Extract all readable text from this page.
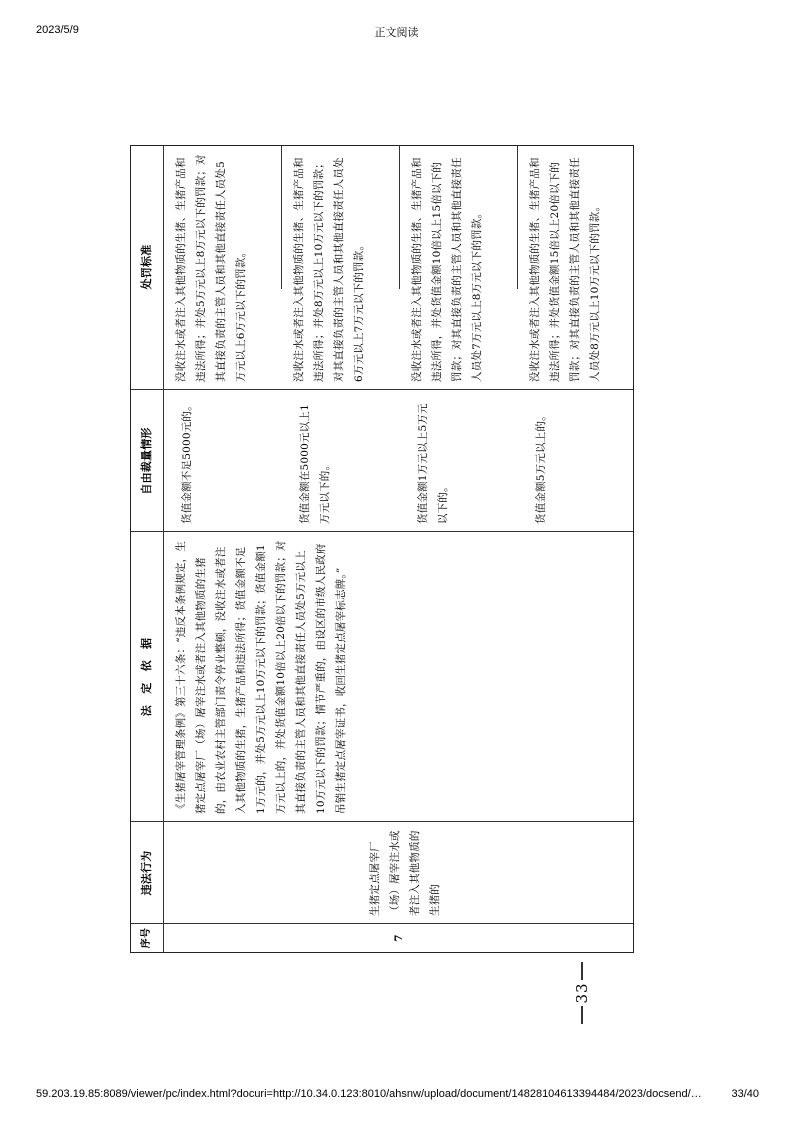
2023/5/9	正文阅读
序号
违法行为
法　定　依　据
自由裁量情形
处罚标准
7
生猪定点屠宰厂（场）屠宰注水或者注入其他物质的生猪的
《生猪屠宰管理条例》第三十六条：“违反本条例规定，生猪定点屠宰厂（场）屠宰注水或者注入其他物质的生猪的，由农业农村主管部门责令停业整顿，没收注水或者注入其他物质的生猪，生猪产品和违法所得；货值金额不足1万元的，并处5万元以上10万元以下的罚款；货值金额1万元以上的，并处货值金额10倍以上20倍以下的罚款；对其直接负责的主管人员和其他直接责任人员处5万元以上10万元以下的罚款；情节严重的，由设区的市级人民政府吊销生猪定点屠宰证书，收回生猪定点屠宰标志牌。”
货值金额不足5000元的。
没收注水或者注入其他物质的生猪、生猪产品和违法所得；并处5万元以上8万元以下的罚款；对其直接负责的主管人员和其他直接责任人员处5万元以上6万元以下的罚款。
货值金额在5000元以上1万元以下的。
没收注水或者注入其他物质的生猪、生猪产品和违法所得；并处8万元以上10万元以下的罚款；对其直接负责的主管人员和其他直接责任人员处6万元以上7万元以下的罚款。
货值金额1万元以上5万元以下的。
没收注水或者注入其他物质的生猪、生猪产品和违法所得，并处货值金额10倍以上15倍以下的罚款；对其直接负责的主管人员和其他直接责任人员处7万元以上8万元以下的罚款。
货值金额5万元以上的。
没收注水或者注入其他物质的生猪、生猪产品和违法所得；并处货值金额15倍以上20倍以下的罚款；对其直接负责的主管人员和其他直接责任人员处8万元以上10万元以下的罚款。
33
59.203.19.85:8089/viewer/pc/index.html?docuri=http://10.34.0.123:8010/ahsnw/upload/document/14828104613394484/2023/docsend/…	33/40
